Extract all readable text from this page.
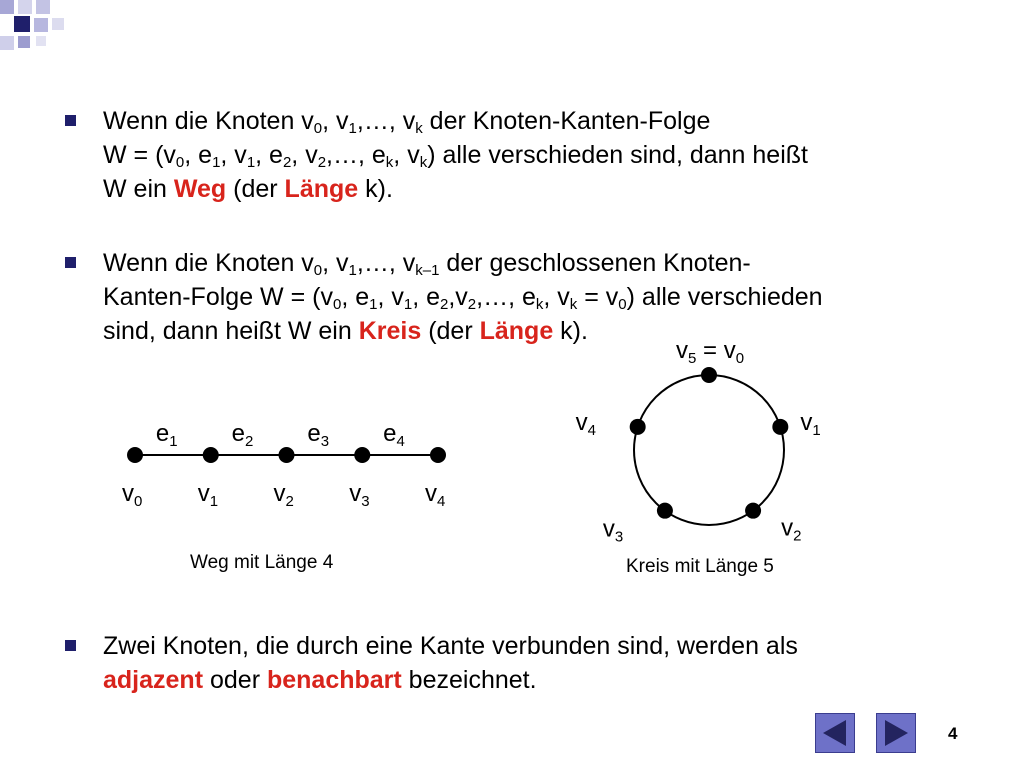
Wenn die Knoten $v_0$, $v_1,\dots$, $v_k$ der Knoten-Kanten-Folge
$W = (v_0$, $e_1$, $v_1$, $e_2$, $v_2,\dots$, $e_k$, $v_k$) alle verschieden sind, dann heißt
W ein Weg (der Länge k).
Wenn die Knoten $v_0$, $v_1,\dots$, $v_{k-1}$ der geschlossenen Knoten-
Kanten-Folge $W = (v_0$, $e_1$, $v_1$, $e_2,v_2,\dots$, $e_k$, $v_k = v_0$) alle verschieden
sind, dann heißt W ein Kreis (der Länge k).
Zwei Knoten, die durch eine Kante verbunden sind, werden als
adjazent oder benachbart bezeichnet.
$v_0$ $v_1$ $v_2$ $v_3$ $v_4$
$e_1$ $e_2$ $e_3$ $e_4$
Weg mit Länge 4
$v_5 = v_0$
$v_1$
$v_2$
$v_3$
$v_4$
Kreis mit Länge 5
4
